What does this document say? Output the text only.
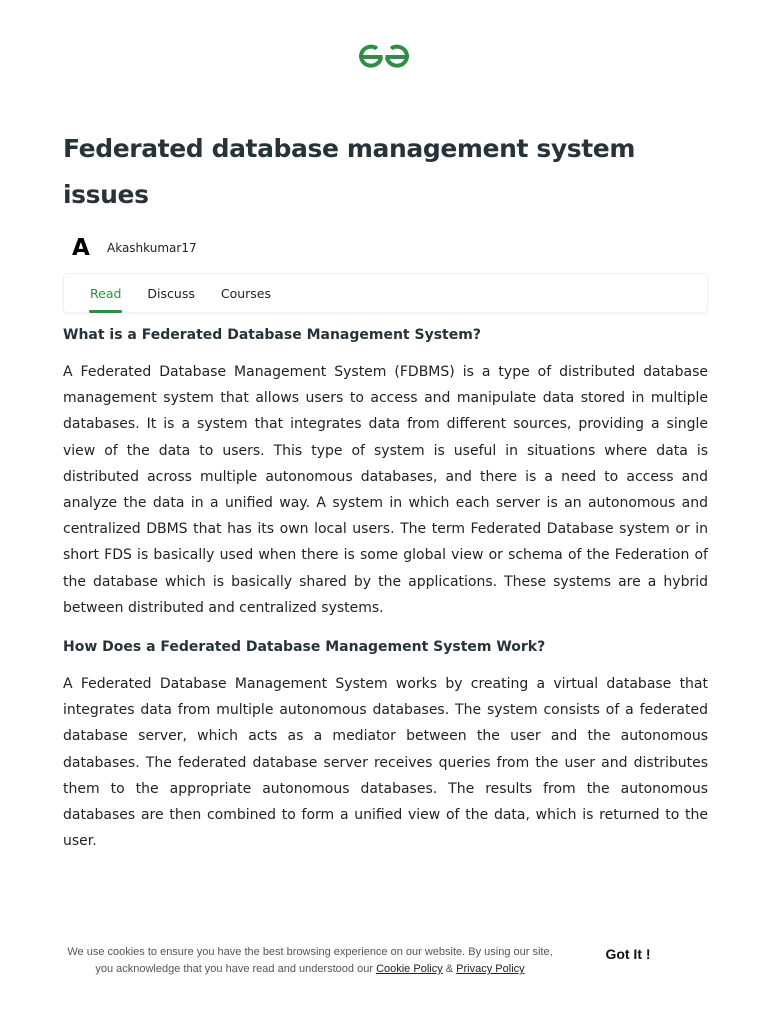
Federated database management system issues
A	Akashkumar17
Read Discuss Courses
What is a Federated Database Management System?

A Federated Database Management System (FDBMS) is a type of distributed database management system that allows users to access and manipulate data stored in multiple databases. It is a system that integrates data from different sources, providing a single view of the data to users. This type of system is useful in situations where data is distributed across multiple autonomous databases, and there is a need to access and analyze the data in a unified way. A system in which each server is an autonomous and centralized DBMS that has its own local users. The term Federated Database system or in short FDS is basically used when there is some global view or schema of the Federation of the database which is basically shared by the applications. These systems are a hybrid between distributed and centralized systems.

How Does a Federated Database Management System Work?

A Federated Database Management System works by creating a virtual database that integrates data from multiple autonomous databases. The system consists of a federated database server, which acts as a mediator between the user and the autonomous databases. The federated database server receives queries from the user and distributes them to the appropriate autonomous databases. The results from the autonomous databases are then combined to form a unified view of the data, which is returned to the user.

We use cookies to ensure you have the best browsing experience on our website. By using our site,
you acknowledge that you have read and understood our Cookie Policy & Privacy Policy
Got It !
